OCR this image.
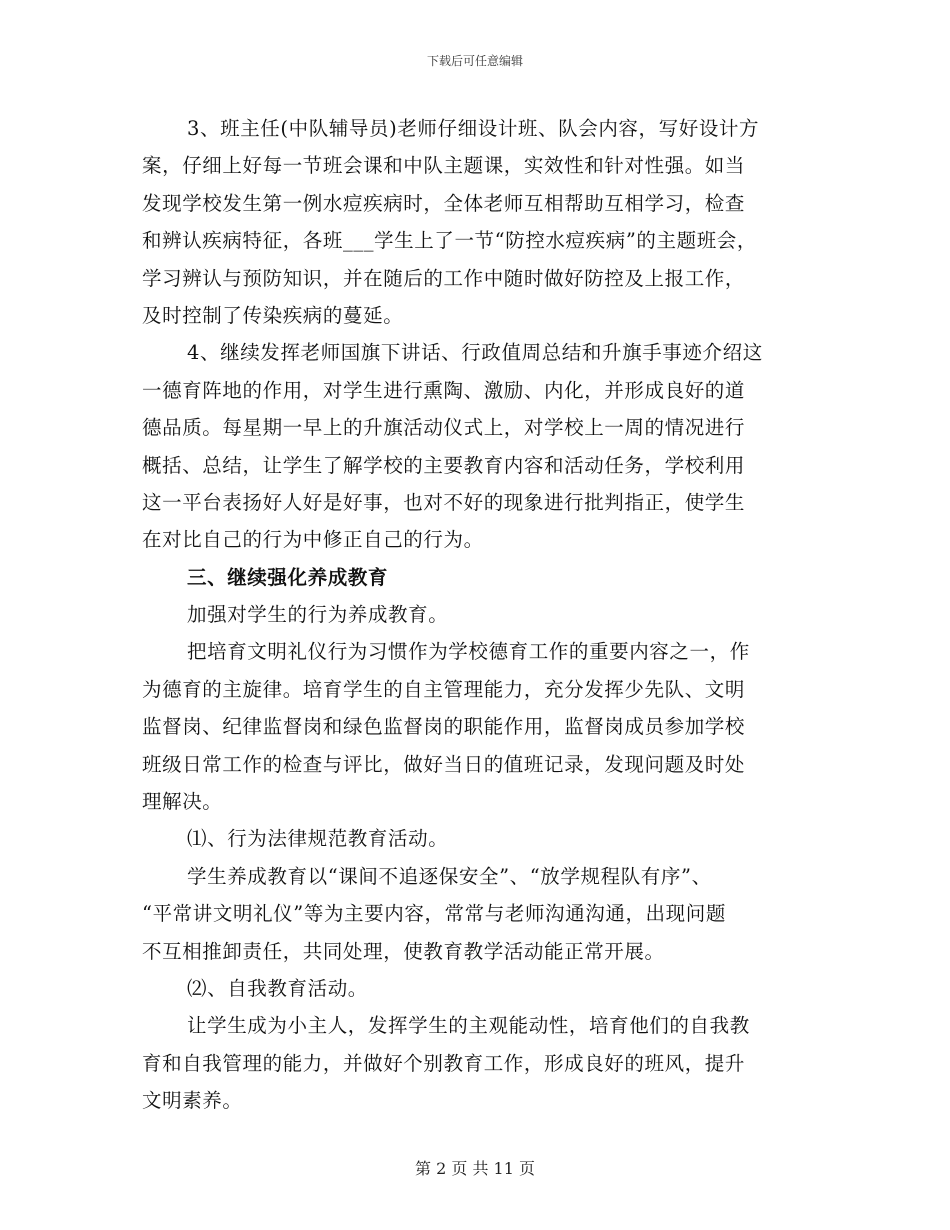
下载后可任意编辑
3、班主任(中队辅导员)老师仔细设计班、队会内容，写好设计方
案，仔细上好每一节班会课和中队主题课，实效性和针对性强。如当
发现学校发生第一例水痘疾病时，全体老师互相帮助互相学习，检查
和辨认疾病特征，各班___学生上了一节“防控水痘疾病”的主题班会，
学习辨认与预防知识，并在随后的工作中随时做好防控及上报工作，
及时控制了传染疾病的蔓延。
4、继续发挥老师国旗下讲话、行政值周总结和升旗手事迹介绍这
一德育阵地的作用，对学生进行熏陶、激励、内化，并形成良好的道
德品质。每星期一早上的升旗活动仪式上，对学校上一周的情况进行
概括、总结，让学生了解学校的主要教育内容和活动任务，学校利用
这一平台表扬好人好是好事，也对不好的现象进行批判指正，使学生
在对比自己的行为中修正自己的行为。
三、继续强化养成教育
加强对学生的行为养成教育。
把培育文明礼仪行为习惯作为学校德育工作的重要内容之一，作
为德育的主旋律。培育学生的自主管理能力，充分发挥少先队、文明
监督岗、纪律监督岗和绿色监督岗的职能作用，监督岗成员参加学校
班级日常工作的检查与评比，做好当日的值班记录，发现问题及时处
理解决。
⑴、行为法律规范教育活动。
学生养成教育以“课间不追逐保安全”、“放学规程队有序”、
“平常讲文明礼仪”等为主要内容，常常与老师沟通沟通，出现问题
不互相推卸责任，共同处理，使教育教学活动能正常开展。
⑵、自我教育活动。
让学生成为小主人，发挥学生的主观能动性，培育他们的自我教
育和自我管理的能力，并做好个别教育工作，形成良好的班风，提升
文明素养。
第 2 页 共 11 页
